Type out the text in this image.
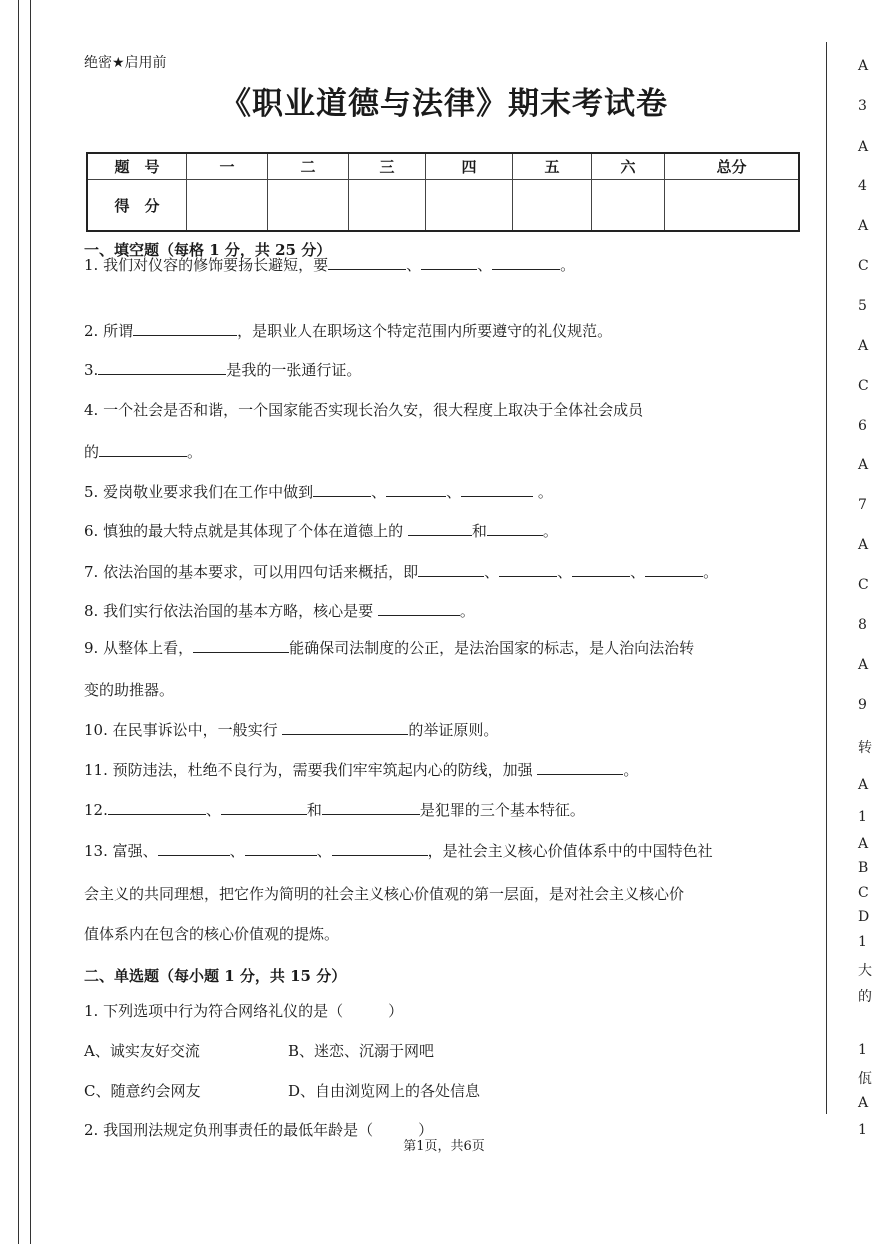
绝密★启用前
《职业道德与法律》期末考试卷
题　号	一	二	三	四	五	六	总分
得　分							
一、填空题（每格 1 分，共 25 分）
1. 我们对仪容的修饰要扬长避短，要	、	、	。
2. 所谓	，是职业人在职场这个特定范围内所要遵守的礼仪规范。
3.	是我的一张通行证。
4. 一个社会是否和谐，一个国家能否实现长治久安，很大程度上取决于全体社会成员
的	。
5. 爱岗敬业要求我们在工作中做到	、	、	。
6. 慎独的最大特点就是其体现了个体在道德上的	和	。
7. 依法治国的基本要求，可以用四句话来概括，即	、	、	、	。
8. 我们实行依法治国的基本方略，核心是要	。
9. 从整体上看，	能确保司法制度的公正，是法治国家的标志，是人治向法治转
变的助推器。
10. 在民事诉讼中，一般实行	的举证原则。
11. 预防违法，杜绝不良行为，需要我们牢牢筑起内心的防线，加强	。
12.	、	和	是犯罪的三个基本特征。
13. 富强、	、	、	，是社会主义核心价值体系中的中国特色社
会主义的共同理想，把它作为简明的社会主义核心价值观的第一层面，是对社会主义核心价
值体系内在包含的核心价值观的提炼。
二、单选题（每小题 1 分，共 15 分）
1. 下列选项中行为符合网络礼仪的是（　　　）
A、诚实友好交流	B、迷恋、沉溺于网吧
C、随意约会网友	D、自由浏览网上的各处信息
2. 我国刑法规定负刑事责任的最低年龄是（　　　）
第1页，共6页
A
3
A
4
A
C
5
A
C
6
A
7
A
C
8
A
9
转
A
1
A
B
C
D
1
大
的
1
佤
A
1
